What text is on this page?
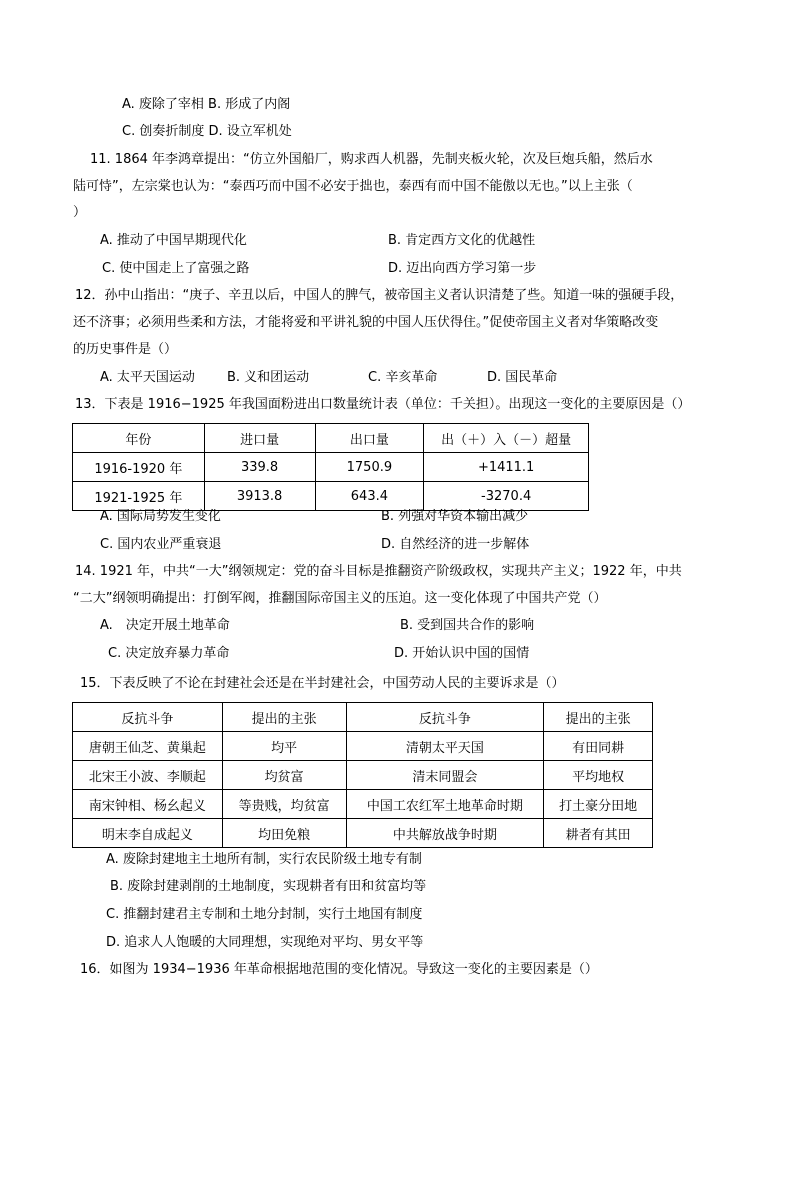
A. 废除了宰相 B. 形成了内阁
C. 创奏折制度 D. 设立军机处
11. 1864 年李鸿章提出：“仿立外国船厂，购求西人机器，先制夹板火轮，次及巨炮兵船，然后水
陆可恃”，左宗棠也认为：“泰西巧而中国不必安于拙也，泰西有而中国不能傲以无也。”以上主张（
）
A. 推动了中国早期现代化	B. 肯定西方文化的优越性
C. 使中国走上了富强之路	D. 迈出向西方学习第一步
12．孙中山指出：“庚子、辛丑以后，中国人的脾气，被帝国主义者认识清楚了些。知道一味的强硬手段，
还不济事；必须用些柔和方法，才能将爱和平讲礼貌的中国人压伏得住。”促使帝国主义者对华策略改变
的历史事件是（）
A. 太平天国运动 B. 义和团运动	C. 辛亥革命	D. 国民革命
13．下表是 1916−1925 年我国面粉进出口数量统计表（单位：千关担）。出现这一变化的主要原因是（）
年份	进口量	出口量	出（＋）入（－）超量
1916-1920 年	339.8	1750.9	+1411.1
1921-1925 年	3913.8	643.4	-3270.4
A. 国际局势发生变化	B. 列强对华资本输出减少
C. 国内农业严重衰退	D. 自然经济的进一步解体
14. 1921 年，中共“一大”纲领规定：党的奋斗目标是推翻资产阶级政权，实现共产主义；1922 年，中共
“二大”纲领明确提出：打倒军阀，推翻国际帝国主义的压迫。这一变化体现了中国共产党（）
A.　决定开展土地革命	B. 受到国共合作的影响
C. 决定放弃暴力革命	D. 开始认识中国的国情
15．下表反映了不论在封建社会还是在半封建社会，中国劳动人民的主要诉求是（）
反抗斗争	提出的主张	反抗斗争	提出的主张
唐朝王仙芝、黄巢起	均平	清朝太平天国	有田同耕
北宋王小波、李顺起	均贫富	清末同盟会	平均地权
南宋钟相、杨幺起义	等贵贱，均贫富	中国工农红军土地革命时期	打土豪分田地
明末李自成起义	均田免粮	中共解放战争时期	耕者有其田
A. 废除封建地主土地所有制，实行农民阶级土地专有制
B. 废除封建剥削的土地制度，实现耕者有田和贫富均等
C. 推翻封建君主专制和土地分封制，实行土地国有制度
D. 追求人人饱暖的大同理想，实现绝对平均、男女平等
16．如图为 1934−1936 年革命根据地范围的变化情况。导致这一变化的主要因素是（）
